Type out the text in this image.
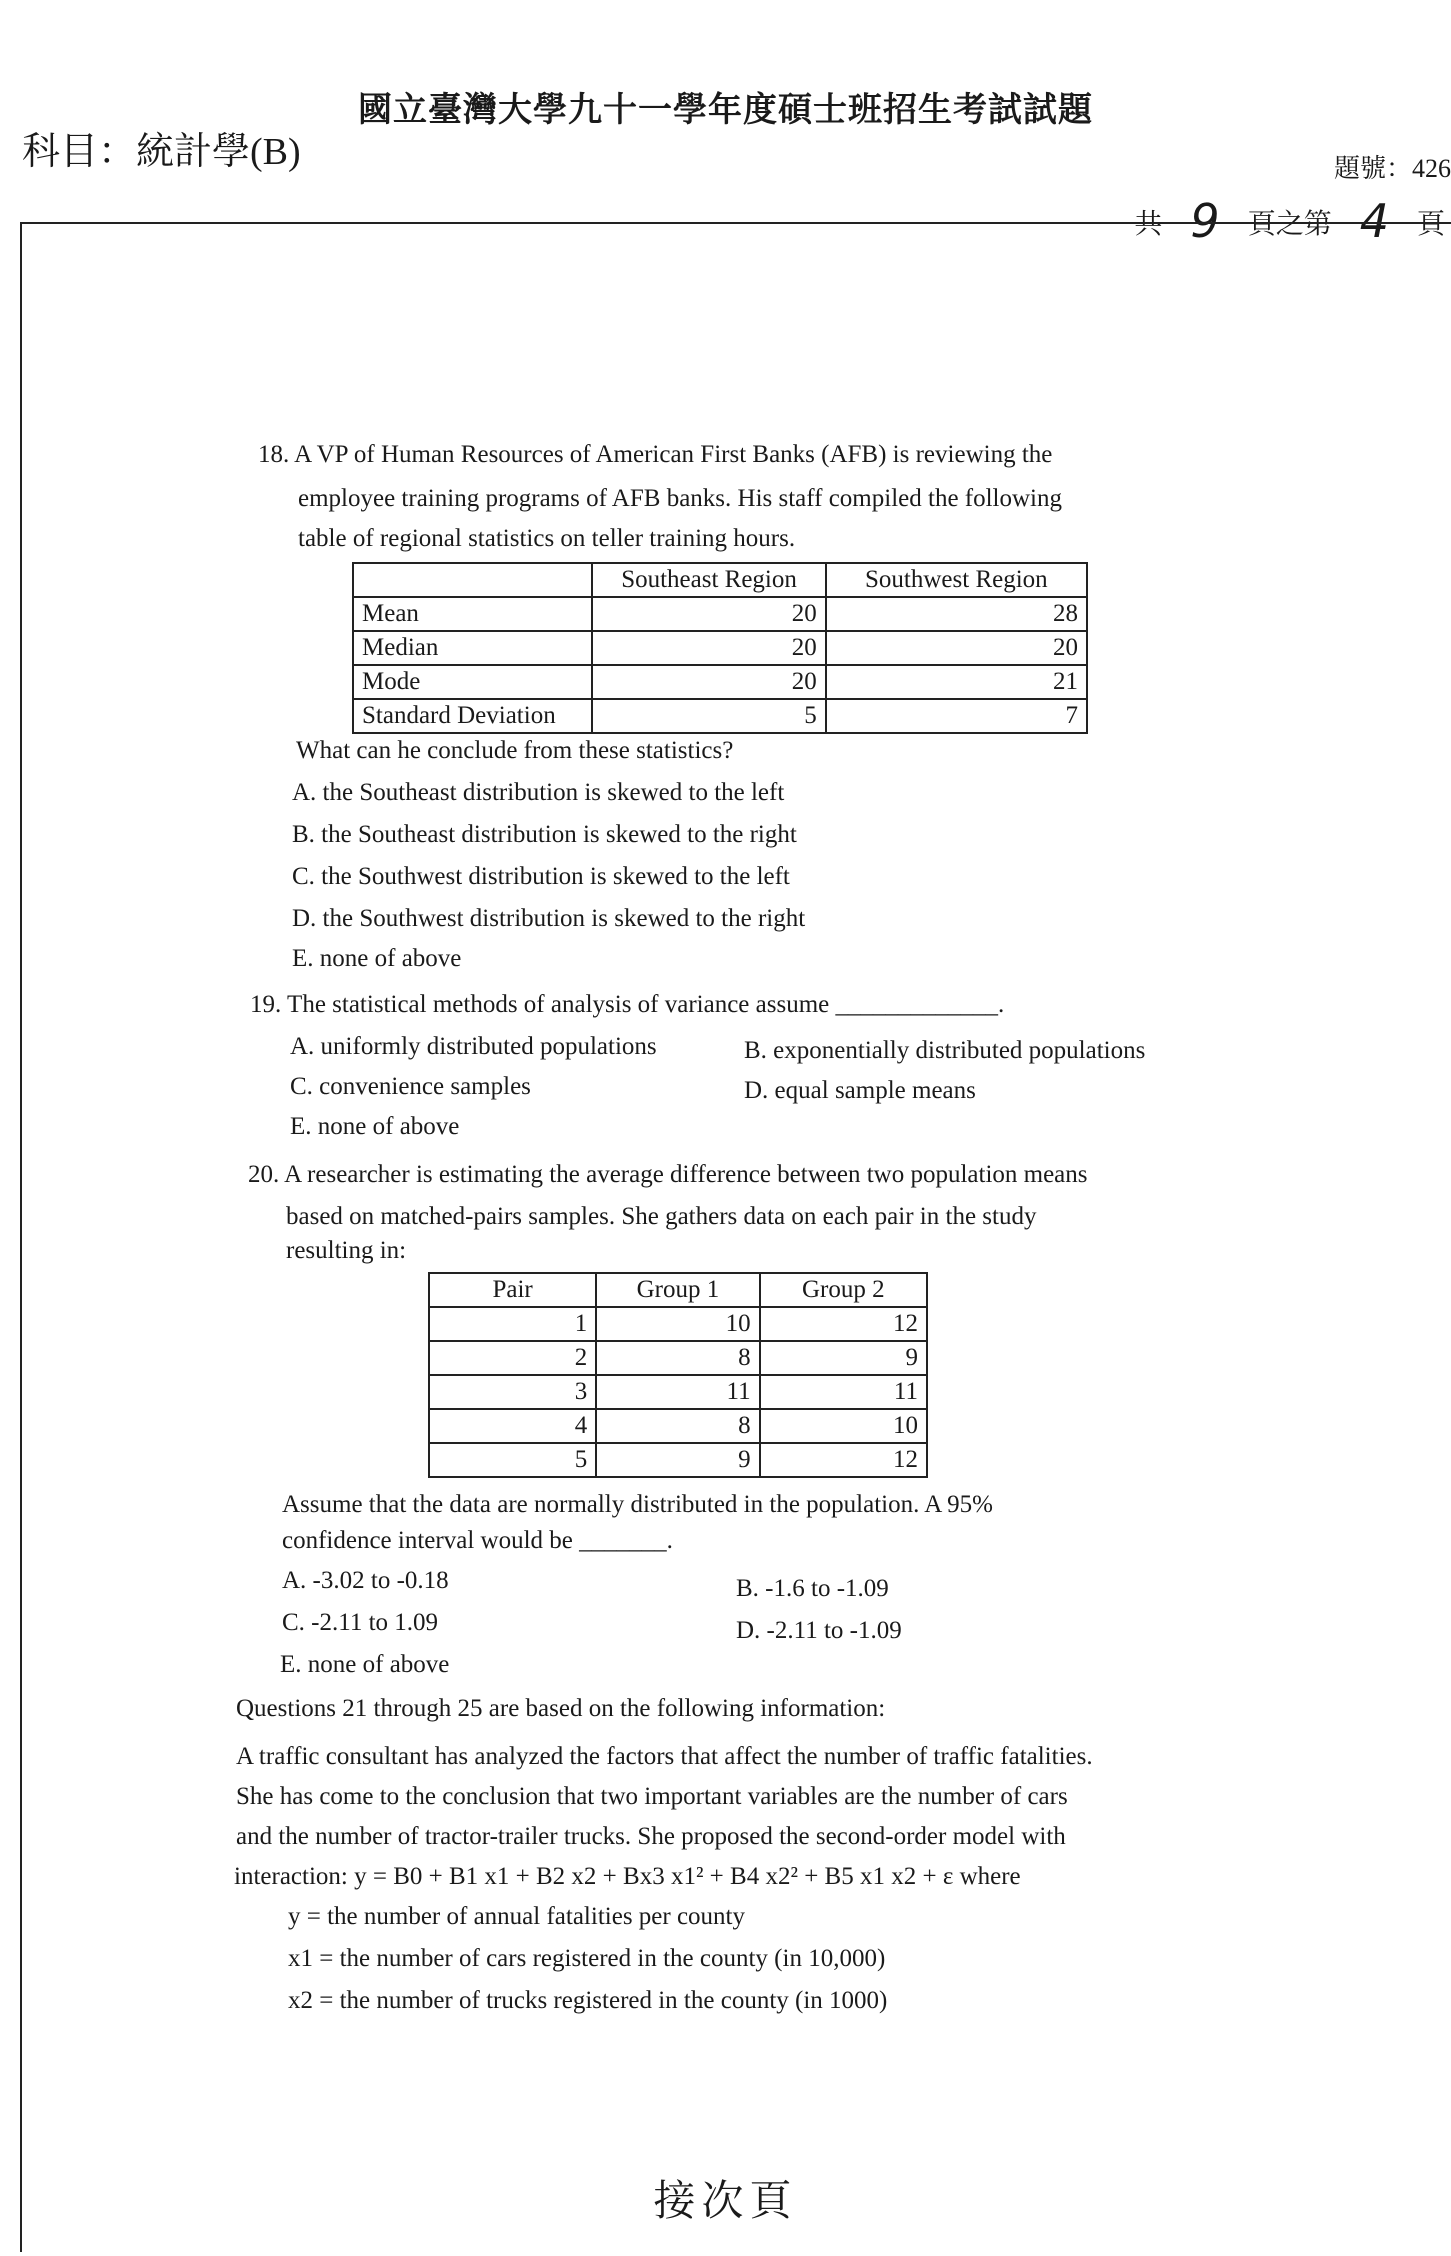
國立臺灣大學九十一學年度碩士班招生考試試題
科目：統計學(B)	題號：426
共 9 頁之第 4 頁
18. A VP of Human Resources of American First Banks (AFB) is reviewing the
employee training programs of AFB banks. His staff compiled the following
table of regional statistics on teller training hours.
	Southeast Region	Southwest Region
Mean	20	28
Median	20	20
Mode	20	21
Standard Deviation	5	7
What can he conclude from these statistics?
A. the Southeast distribution is skewed to the left
B. the Southeast distribution is skewed to the right
C. the Southwest distribution is skewed to the left
D. the Southwest distribution is skewed to the right
E. none of above
19. The statistical methods of analysis of variance assume _____________.
A. uniformly distributed populations	B. exponentially distributed populations
C. convenience samples	D. equal sample means
E. none of above
20. A researcher is estimating the average difference between two population means
based on matched-pairs samples. She gathers data on each pair in the study
resulting in:
Pair	Group 1	Group 2
1	10	12
2	8	9
3	11	11
4	8	10
5	9	12
Assume that the data are normally distributed in the population. A 95%
confidence interval would be _______.
A. -3.02 to -0.18	B. -1.6 to -1.09
C. -2.11 to 1.09	D. -2.11 to -1.09
E. none of above
Questions 21 through 25 are based on the following information:
A traffic consultant has analyzed the factors that affect the number of traffic fatalities.
She has come to the conclusion that two important variables are the number of cars
and the number of tractor-trailer trucks. She proposed the second-order model with
interaction: y = B0 + B1 x1 + B2 x2 + Bx3 x1² + B4 x2² + B5 x1 x2 + ε where
y = the number of annual fatalities per county
x1 = the number of cars registered in the county (in 10,000)
x2 = the number of trucks registered in the county (in 1000)
接次頁
